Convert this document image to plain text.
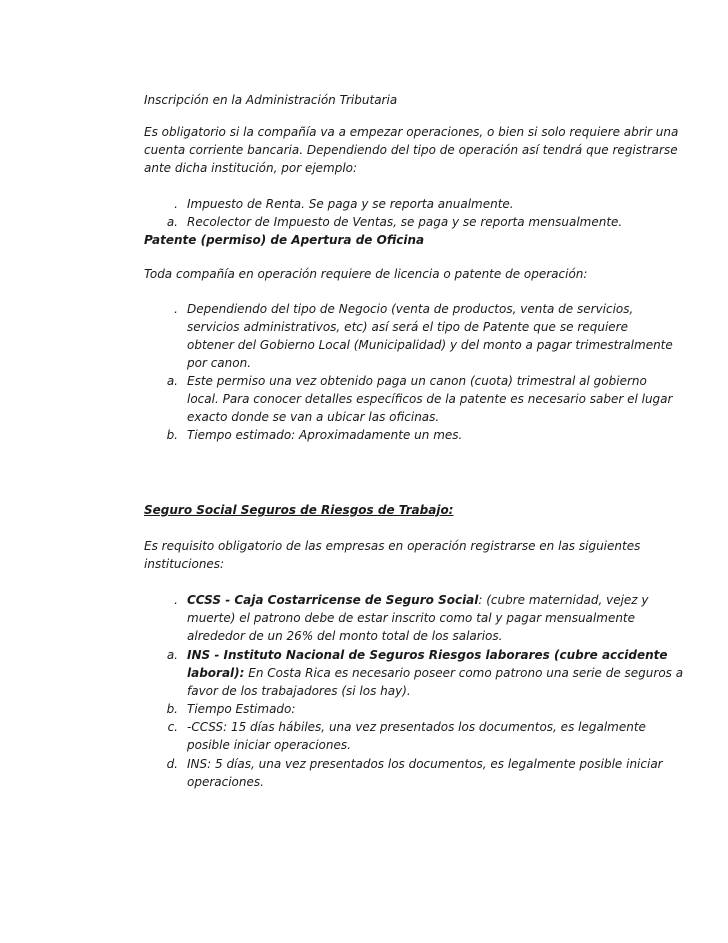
Inscripción en la Administración Tributaria
Es obligatorio si la compañía va a empezar operaciones, o bien si solo requiere abrir una
cuenta corriente bancaria. Dependiendo del tipo de operación así tendrá que registrarse
ante dicha institución, por ejemplo:
. Impuesto de Renta. Se paga y se reporta anualmente.
a. Recolector de Impuesto de Ventas, se paga y se reporta mensualmente.
Patente (permiso) de Apertura de Oficina
Toda compañía en operación requiere de licencia o patente de operación:
. Dependiendo del tipo de Negocio (venta de productos, venta de servicios,
servicios administrativos, etc) así será el tipo de Patente que se requiere
obtener del Gobierno Local (Municipalidad) y del monto a pagar trimestralmente
por canon.
a. Este permiso una vez obtenido paga un canon (cuota) trimestral al gobierno
local. Para conocer detalles específicos de la patente es necesario saber el lugar
exacto donde se van a ubicar las oficinas.
b. Tiempo estimado: Aproximadamente un mes.
Seguro Social Seguros de Riesgos de Trabajo:
Es requisito obligatorio de las empresas en operación registrarse en las siguientes
instituciones:
. CCSS - Caja Costarricense de Seguro Social: (cubre maternidad, vejez y
muerte) el patrono debe de estar inscrito como tal y pagar mensualmente
alrededor de un 26% del monto total de los salarios.
a. INS - Instituto Nacional de Seguros Riesgos laborares (cubre accidente
laboral): En Costa Rica es necesario poseer como patrono una serie de seguros a
favor de los trabajadores (si los hay).
b. Tiempo Estimado:
c. -CCSS: 15 días hábiles, una vez presentados los documentos, es legalmente
posible iniciar operaciones.
d. INS: 5 días, una vez presentados los documentos, es legalmente posible iniciar
operaciones.
